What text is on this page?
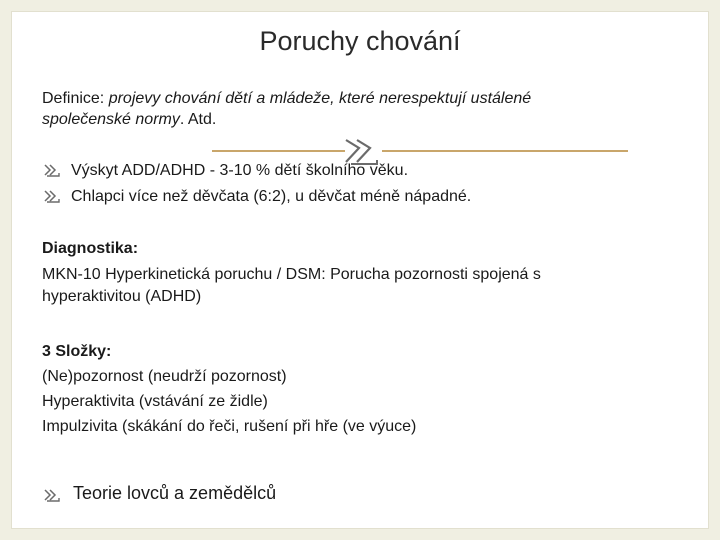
Poruchy chování
Definice: projevy chování dětí a mládeže, které nerespektují ustálené
společenské normy. Atd.
Výskyt ADD/ADHD - 3-10 % dětí školního věku.
Chlapci více než děvčata (6:2), u děvčat méně nápadné.
Diagnostika:
MKN-10 Hyperkinetická poruchu / DSM: Porucha pozornosti spojená s
hyperaktivitou (ADHD)
3 Složky:
(Ne)pozornost (neudrží pozornost)
Hyperaktivita (vstávání ze židle)
Impulzivita (skákání do řeči, rušení při hře (ve výuce)
Teorie lovců a zemědělců
